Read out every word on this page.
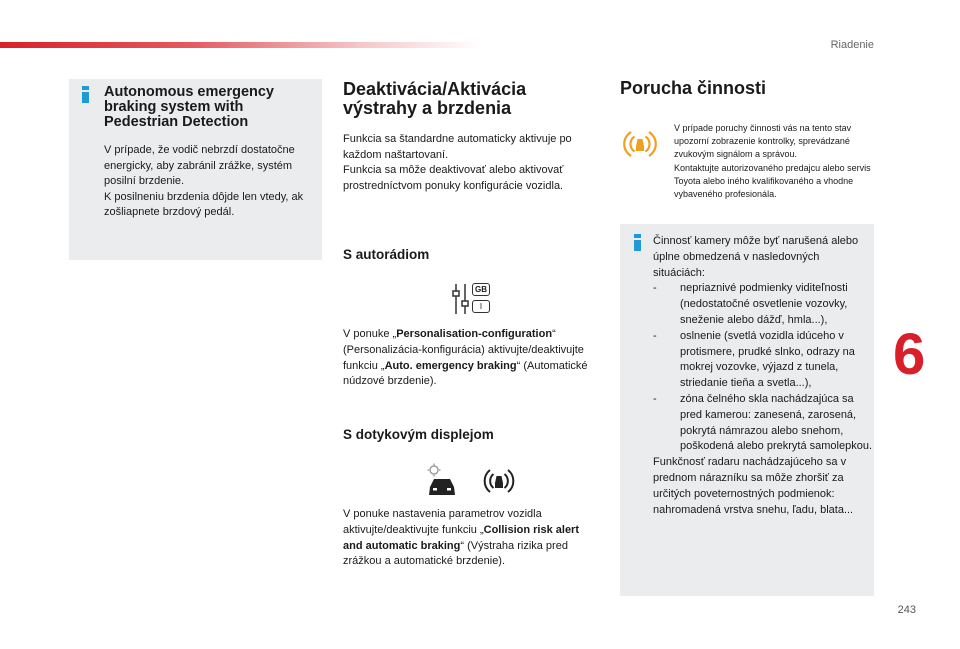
Riadenie
243
6
Autonomous emergency braking system with Pedestrian Detection

V prípade, že vodič nebrzdí dostatočne energicky, aby zabránil zrážke, systém posilní brzdenie.
K posilneniu brzdenia dôjde len vtedy, ak zošliapnete brzdový pedál.

Deaktivácia/Aktivácia výstrahy a brzdenia
Funkcia sa štandardne automaticky aktivuje po každom naštartovaní.
Funkcia sa môže deaktivovať alebo aktivovať prostredníctvom ponuky konfigurácie vozidla.
S autorádiom
GB
I
V ponuke „Personalisation-configuration“ (Personalizácia-konfigurácia) aktivujte/deaktivujte funkciu „Auto. emergency braking“ (Automatické núdzové brzdenie).
S dotykovým displejom
V ponuke nastavenia parametrov vozidla aktivujte/deaktivujte funkciu „Collision risk alert and automatic braking“ (Výstraha rizika pred zrážkou a automatické brzdenie).
Porucha činnosti
V prípade poruchy činnosti vás na tento stav upozorní zobrazenie kontrolky, sprevádzané zvukovým signálom a správou.
Kontaktujte autorizovaného predajcu alebo servis Toyota alebo iného kvalifikovaného a vhodne vybaveného profesionála.
Činnosť kamery môže byť narušená alebo úplne obmedzená v nasledovných situáciách:
-	nepriaznivé podmienky viditeľnosti (nedostatočné osvetlenie vozovky, sneženie alebo dážď, hmla...),
-	oslnenie (svetlá vozidla idúceho v protismere, prudké slnko, odrazy na mokrej vozovke, výjazd z tunela, striedanie tieňa a svetla...),
-	zóna čelného skla nachádzajúca sa pred kamerou: zanesená, zarosená, pokrytá námrazou alebo snehom, poškodená alebo prekrytá samolepkou.
Funkčnosť radaru nachádzajúceho sa v prednom nárazníku sa môže zhoršiť za určitých poveternostných podmienok: nahromadená vrstva snehu, ľadu, blata...
